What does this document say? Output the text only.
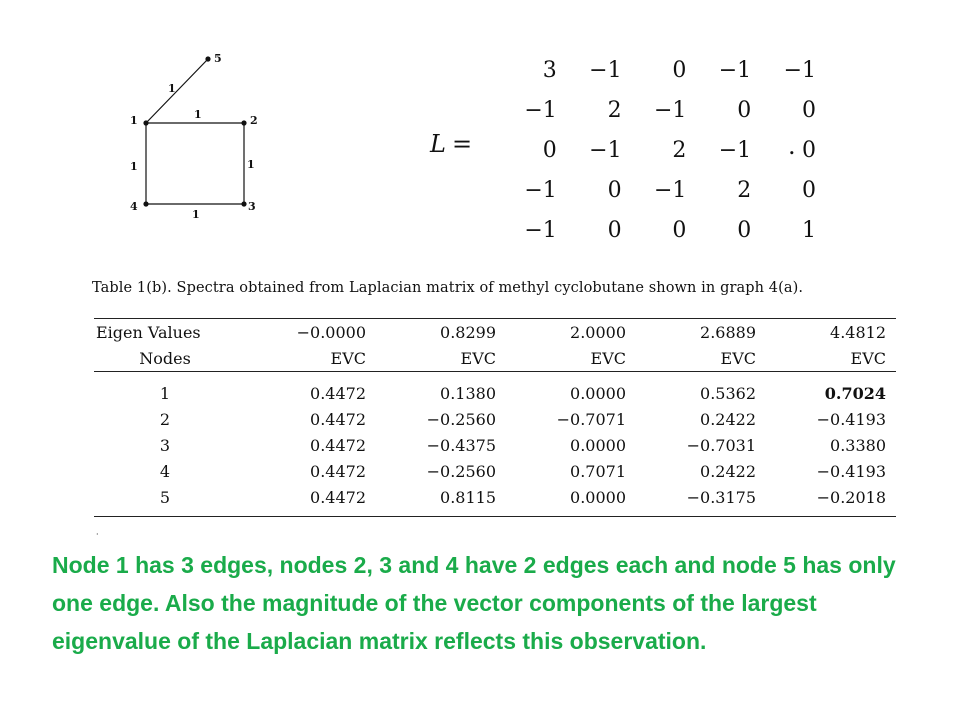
1	2
3
4
5
1
1
1
1
1
L =
3	−1	0	−1	−1
−1	2	−1	0	0
0	−1	2	−1	0
−1	0	−1	2	0
−1	0	0	0	1
.
Table 1(b). Spectra obtained from Laplacian matrix of methyl cyclobutane shown in graph 4(a).
Eigen Values	−0.0000	0.8299	2.0000	2.6889	4.4812
Nodes	EVC	EVC	EVC	EVC	EVC
1	0.4472	0.1380	0.0000	0.5362	0.7024
2	0.4472	−0.2560	−0.7071	0.2422	−0.4193
3	0.4472	−0.4375	0.0000	−0.7031	0.3380
4	0.4472	−0.2560	0.7071	0.2422	−0.4193
5	0.4472	0.8115	0.0000	−0.3175	−0.2018
·
Node 1 has 3 edges, nodes 2, 3 and 4 have 2 edges each and node 5 has only one edge. Also the magnitude of the vector components of the largest eigenvalue of the Laplacian matrix reflects this observation.
